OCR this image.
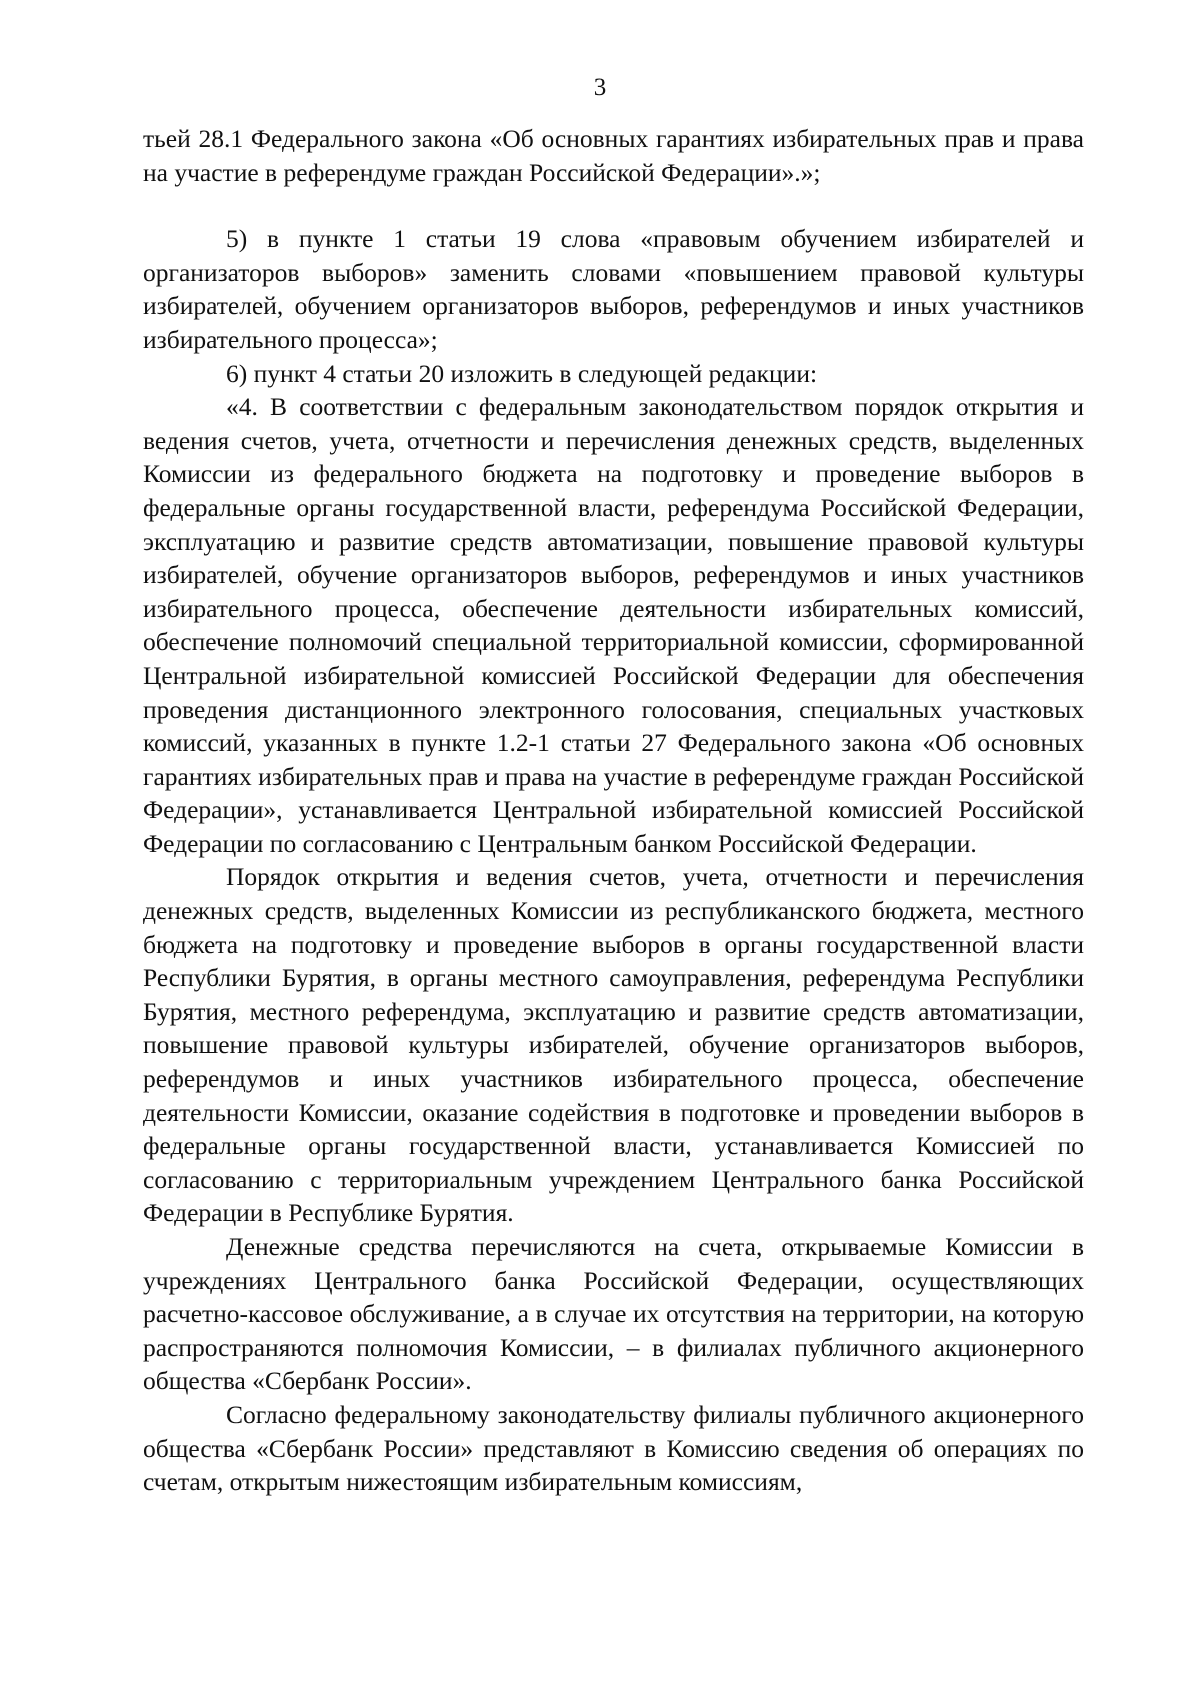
3

тьей 28.1 Федерального закона «Об основных гарантиях избирательных прав и права на участие в референдуме граждан Российской Федерации».»;

5) в пункте 1 статьи 19 слова «правовым обучением избирателей и организаторов выборов» заменить словами «повышением правовой культуры избирателей, обучением организаторов выборов, референдумов и иных участников избирательного процесса»;

6) пункт 4 статьи 20 изложить в следующей редакции:

«4. В соответствии с федеральным законодательством порядок открытия и ведения счетов, учета, отчетности и перечисления денежных средств, выделенных Комиссии из федерального бюджета на подготовку и проведение выборов в федеральные органы государственной власти, референдума Российской Федерации, эксплуатацию и развитие средств автоматизации, повышение правовой культуры избирателей, обучение организаторов выборов, референдумов и иных участников избирательного процесса, обеспечение деятельности избирательных комиссий, обеспечение полномочий специальной территориальной комиссии, сформированной Центральной избирательной комиссией Российской Федерации для обеспечения проведения дистанционного электронного голосования, специальных участковых комиссий, указанных в пункте 1.2-1 статьи 27 Федерального закона «Об основных гарантиях избирательных прав и права на участие в референдуме граждан Российской Федерации», устанавливается Центральной избирательной комиссией Российской Федерации по согласованию с Центральным банком Российской Федерации.

Порядок открытия и ведения счетов, учета, отчетности и перечисления денежных средств, выделенных Комиссии из республиканского бюджета, местного бюджета на подготовку и проведение выборов в органы государственной власти Республики Бурятия, в органы местного самоуправления, референдума Республики Бурятия, местного референдума, эксплуатацию и развитие средств автоматизации, повышение правовой культуры избирателей, обучение организаторов выборов, референдумов и иных участников избирательного процесса, обеспечение деятельности Комиссии, оказание содействия в подготовке и проведении выборов в федеральные органы государственной власти, устанавливается Комиссией по согласованию с территориальным учреждением Центрального банка Российской Федерации в Республике Бурятия.

Денежные средства перечисляются на счета, открываемые Комиссии в учреждениях Центрального банка Российской Федерации, осуществляющих расчетно-кассовое обслуживание, а в случае их отсутствия на территории, на которую распространяются полномочия Комиссии, – в филиалах публичного акционерного общества «Сбербанк России».

Согласно федеральному законодательству филиалы публичного акционерного общества «Сбербанк России» представляют в Комиссию сведения об операциях по счетам, открытым нижестоящим избирательным комиссиям,
